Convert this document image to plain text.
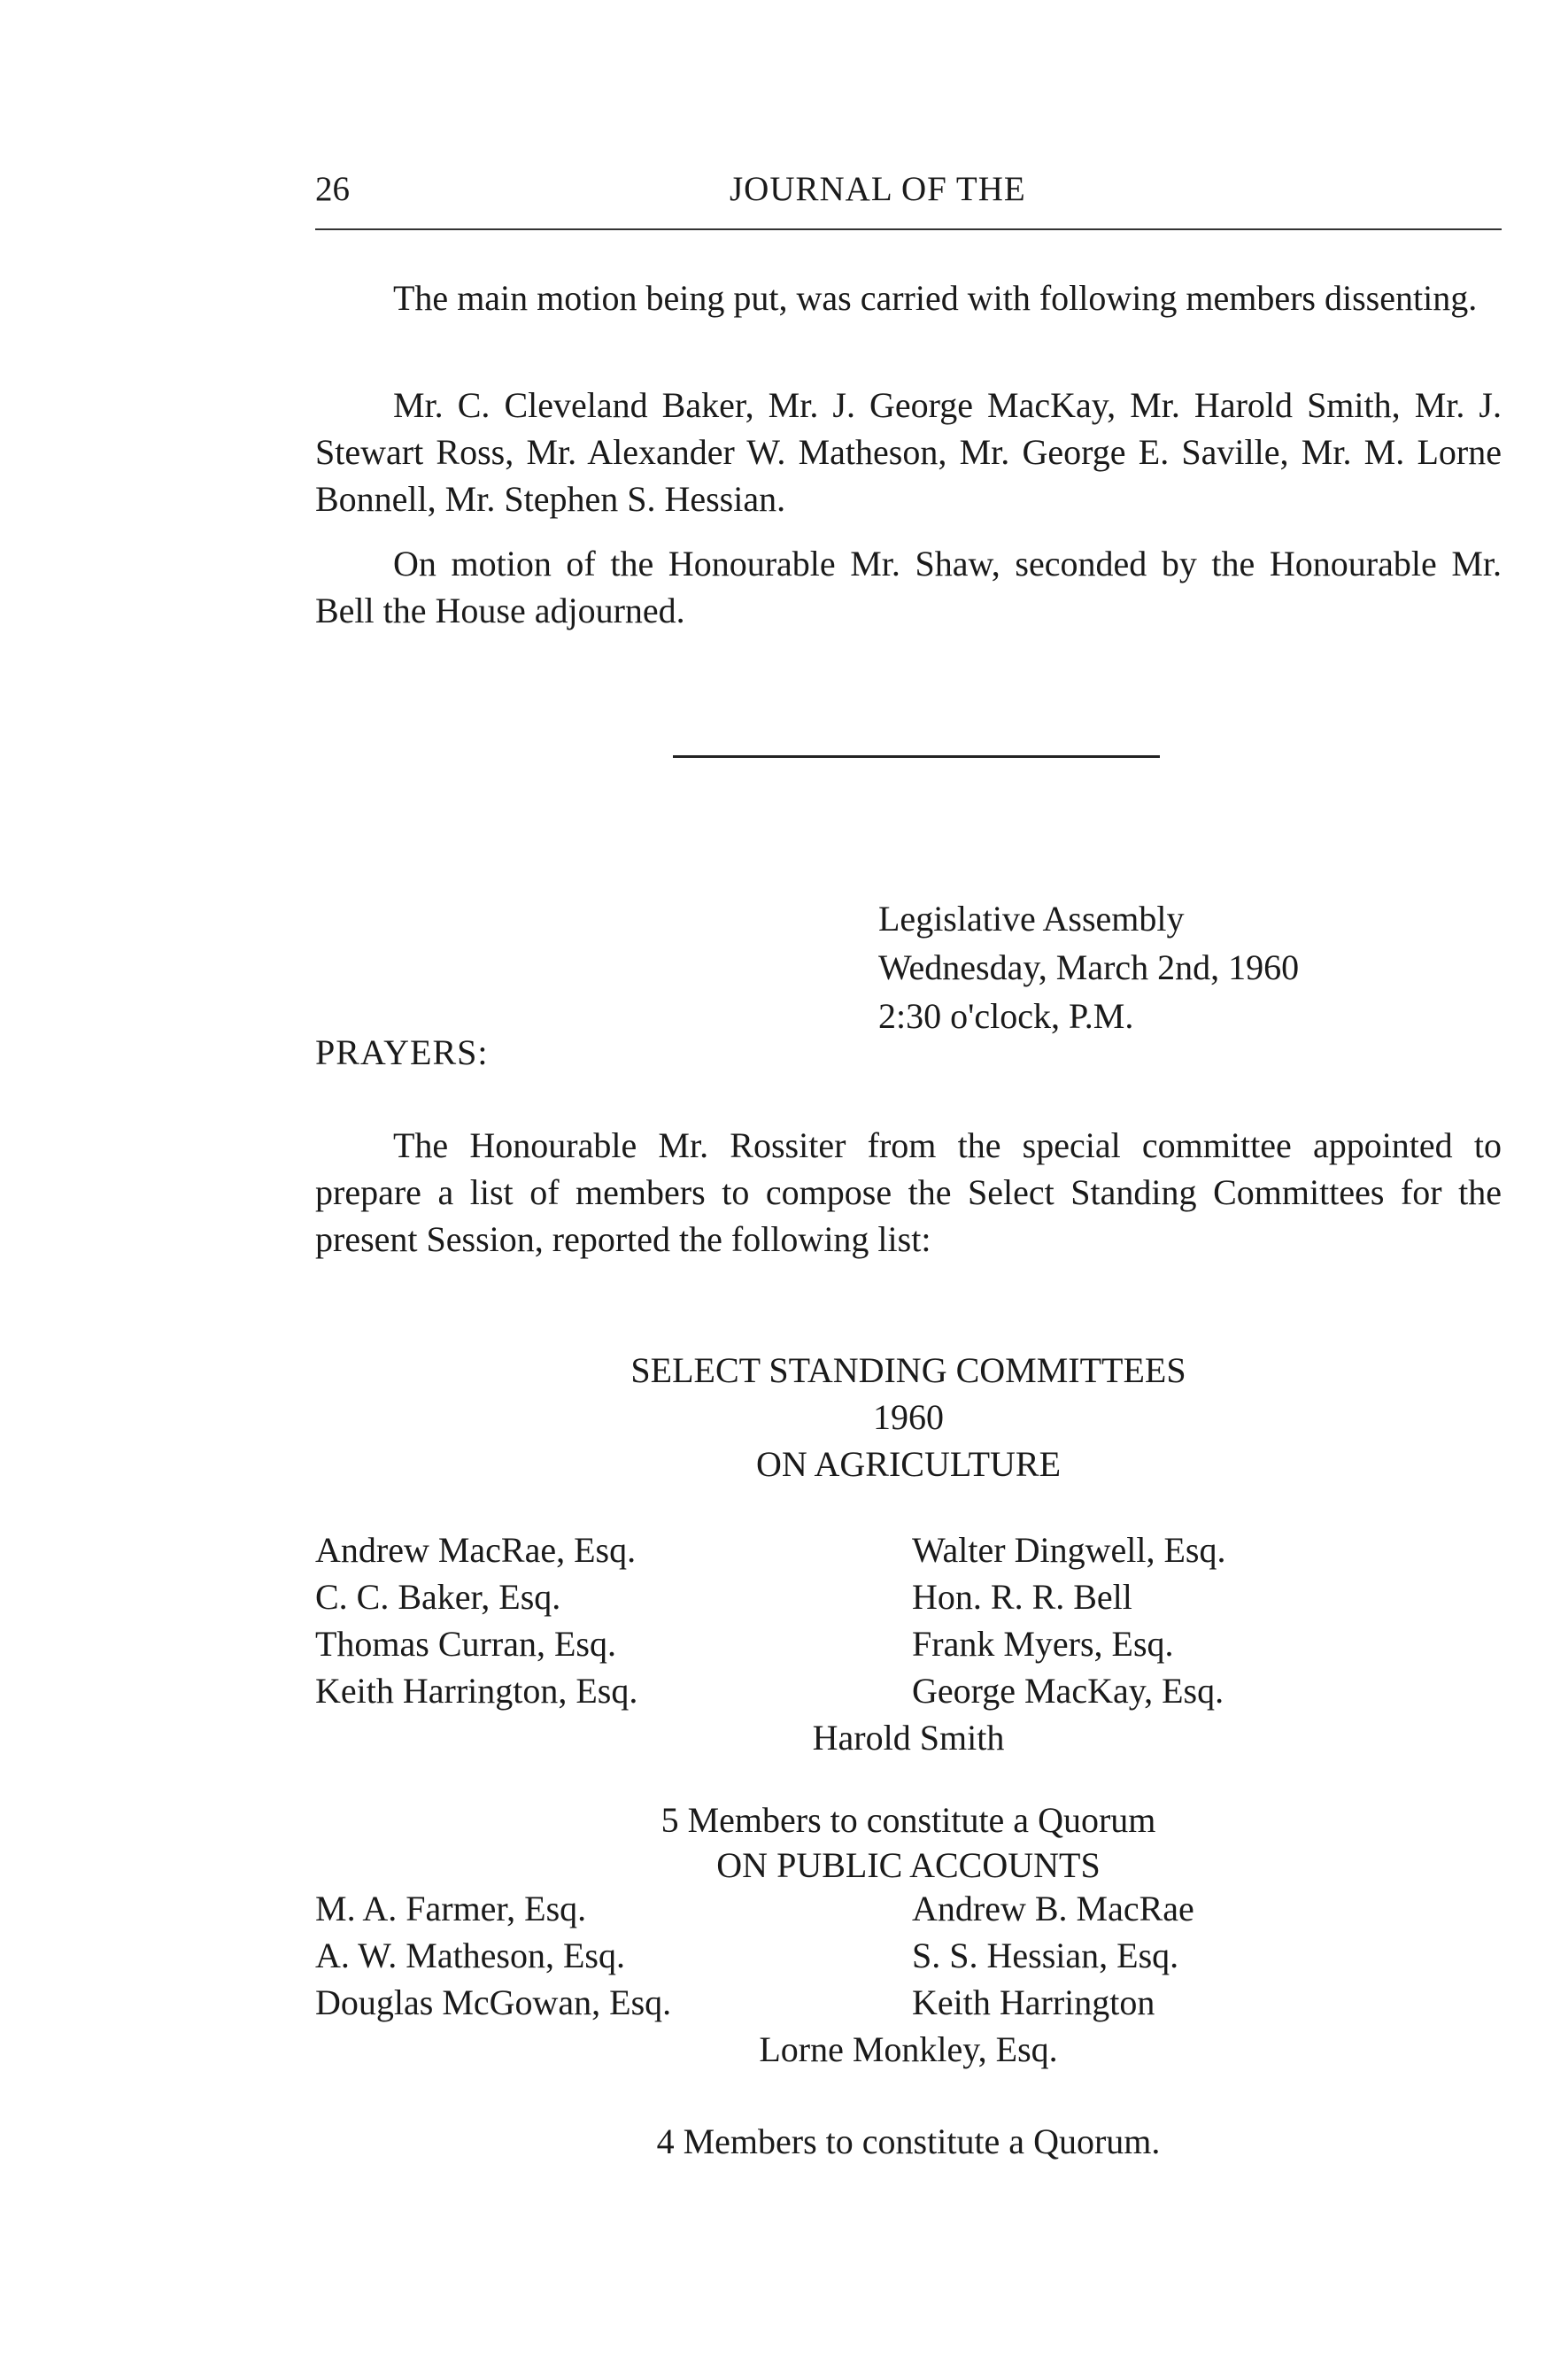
26	JOURNAL OF THE

The main motion being put, was carried with following members dissenting.

Mr. C. Cleveland Baker, Mr. J. George MacKay, Mr. Harold Smith, Mr. J. Stewart Ross, Mr. Alexander W. Matheson, Mr. George E. Saville, Mr. M. Lorne Bonnell, Mr. Stephen S. Hessian.

On motion of the Honourable Mr. Shaw, seconded by the Honourable Mr. Bell the House adjourned.

Legislative Assembly
Wednesday, March 2nd, 1960
2:30 o'clock, P.M.
PRAYERS:

The Honourable Mr. Rossiter from the special committee appointed to prepare a list of members to compose the Select Standing Committees for the present Session, reported the following list:

SELECT STANDING COMMITTEES
1960
ON AGRICULTURE
Andrew MacRae, Esq.
C. C. Baker, Esq.
Thomas Curran, Esq.
Keith Harrington, Esq.
Walter Dingwell, Esq.
Hon. R. R. Bell
Frank Myers, Esq.
George MacKay, Esq.
Harold Smith
5 Members to constitute a Quorum
ON PUBLIC ACCOUNTS
M. A. Farmer, Esq.
A. W. Matheson, Esq.
Douglas McGowan, Esq.
Andrew B. MacRae
S. S. Hessian, Esq.
Keith Harrington
Lorne Monkley, Esq.
4 Members to constitute a Quorum.
